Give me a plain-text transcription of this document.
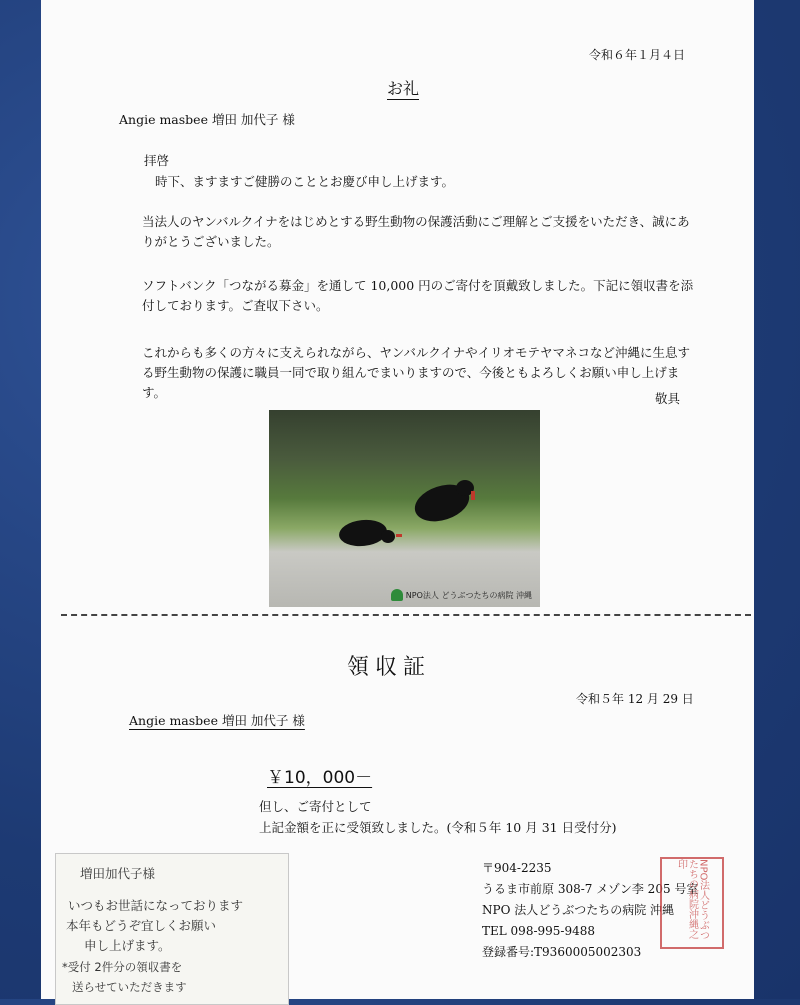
令和６年１月４日
お礼
Angie masbee 増田 加代子 様
拝啓
時下、ますますご健勝のこととお慶び申し上げます。
当法人のヤンバルクイナをはじめとする野生動物の保護活動にご理解とご支援をいただき、誠にありがとうございました。
ソフトバンク「つながる募金」を通して 10,000 円のご寄付を頂戴致しました。下記に領収書を添付しております。ご査収下さい。
これからも多くの方々に支えられながら、ヤンバルクイナやイリオモテヤマネコなど沖縄に生息する野生動物の保護に職員一同で取り組んでまいりますので、今後ともよろしくお願い申し上げます。	敬具
NPO法人 どうぶつたちの病院 沖縄
領収証
令和５年 12 月 29 日
Angie masbee 増田 加代子 様
￥10，000－
但し、ご寄付として
上記金額を正に受領致しました。(令和５年 10 月 31 日受付分)
〒904-2235
うるま市前原 308-7 メゾン李 205 号室
NPO 法人どうぶつたちの病院 沖縄
TEL 098-995-9488
登録番号:T9360005002303
NPO法人どうぶつたちの病院沖縄之印
増田加代子様
いつもお世話になっております
本年もどうぞ宜しくお願い
申し上げます。
*受付 2件分の領収書を
送らせていただきます
